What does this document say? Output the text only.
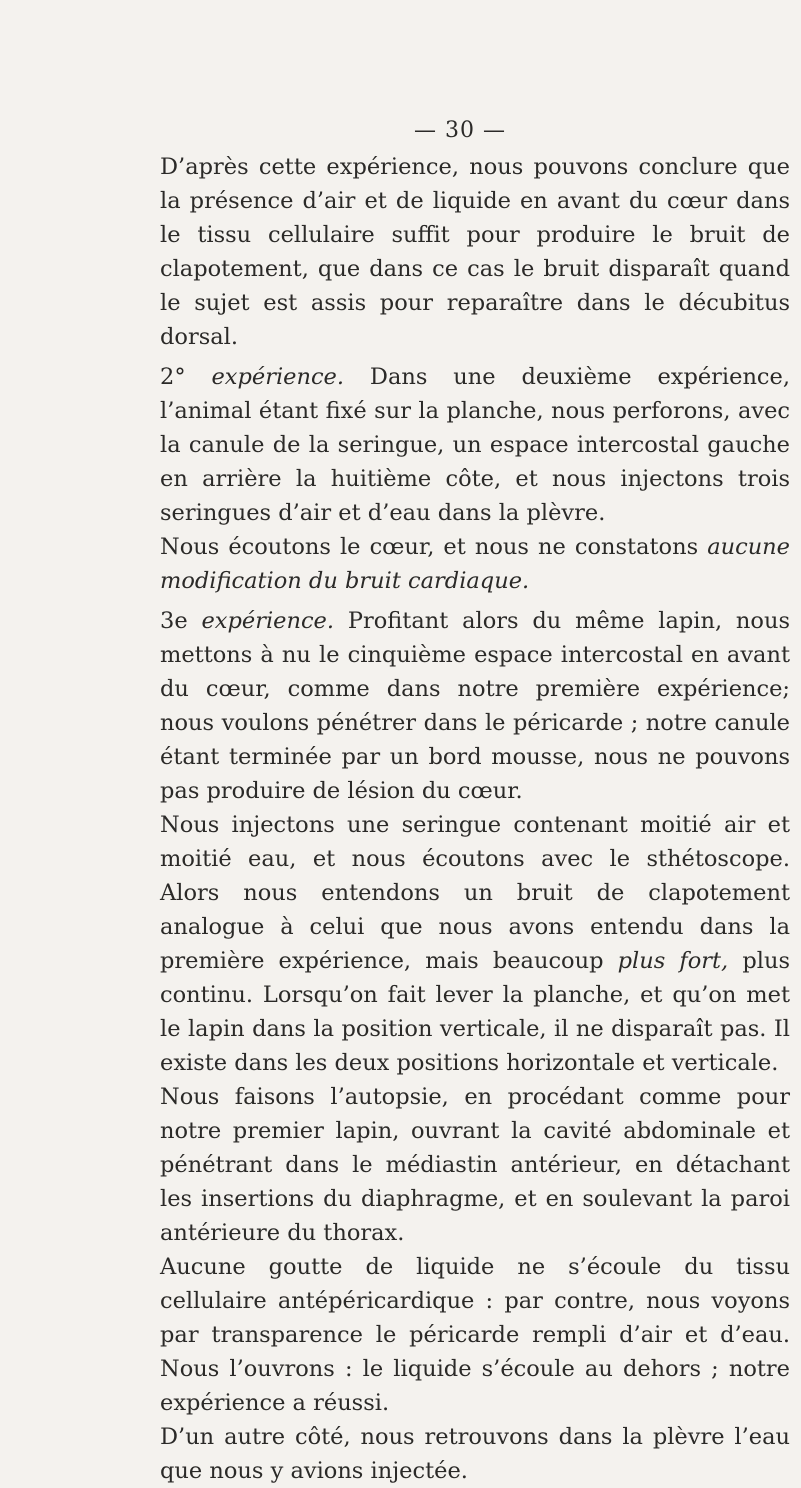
— 30 —

D’après cette expérience, nous pouvons conclure que la présence d’air et de liquide en avant du cœur dans le tissu cellulaire suffit pour produire le bruit de clapotement, que dans ce cas le bruit disparaît quand le sujet est assis pour reparaître dans le décubitus dorsal.

2° expérience. Dans une deuxième expérience, l’animal étant fixé sur la planche, nous perforons, avec la canule de la seringue, un espace intercostal gauche en arrière la huitième côte, et nous injectons trois seringues d’air et d’eau dans la plèvre.

Nous écoutons le cœur, et nous ne constatons aucune modification du bruit cardiaque.

3e expérience. Profitant alors du même lapin, nous mettons à nu le cinquième espace intercostal en avant du cœur, comme dans notre première expérience; nous voulons pénétrer dans le péricarde ; notre canule étant terminée par un bord mousse, nous ne pouvons pas produire de lésion du cœur.

Nous injectons une seringue contenant moitié air et moitié eau, et nous écoutons avec le sthétoscope. Alors nous entendons un bruit de clapotement analogue à celui que nous avons entendu dans la première expérience, mais beaucoup plus fort, plus continu. Lorsqu’on fait lever la planche, et qu’on met le lapin dans la position verticale, il ne disparaît pas. Il existe dans les deux positions horizontale et verticale.

Nous faisons l’autopsie, en procédant comme pour notre premier lapin, ouvrant la cavité abdominale et pénétrant dans le médiastin antérieur, en détachant les insertions du diaphragme, et en soulevant la paroi antérieure du thorax.

Aucune goutte de liquide ne s’écoule du tissu cellulaire antépéricardique : par contre, nous voyons par transparence le péricarde rempli d’air et d’eau. Nous l’ouvrons : le liquide s’écoule au dehors ; notre expérience a réussi.

D’un autre côté, nous retrouvons dans la plèvre l’eau que nous y avions injectée.
